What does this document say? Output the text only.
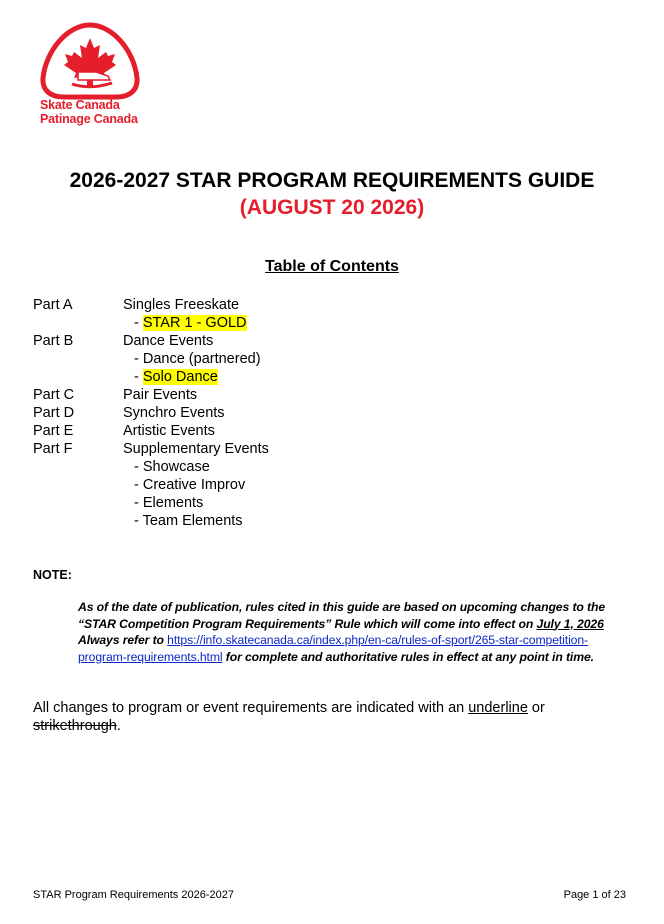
Skate Canada
Patinage Canada
2026-2027 STAR PROGRAM REQUIREMENTS GUIDE
(AUGUST 20 2026)
Table of Contents
Part A	Singles Freeskate
- STAR 1 - GOLD
Part B	Dance Events
- Dance (partnered)
- Solo Dance
Part C	Pair Events
Part D	Synchro Events
Part E	Artistic Events
Part F	Supplementary Events
- Showcase
- Creative Improv
- Elements
- Team Elements
NOTE:
As of the date of publication, rules cited in this guide are based on upcoming changes to the “STAR Competition Program Requirements” Rule which will come into effect on July 1, 2026 Always refer to https://info.skatecanada.ca/index.php/en-ca/rules-of-sport/265-star-competition-program-requirements.html for complete and authoritative rules in effect at any point in time.
All changes to program or event requirements are indicated with an underline or strikethrough.
STAR Program Requirements 2026-2027	Page 1 of 23
